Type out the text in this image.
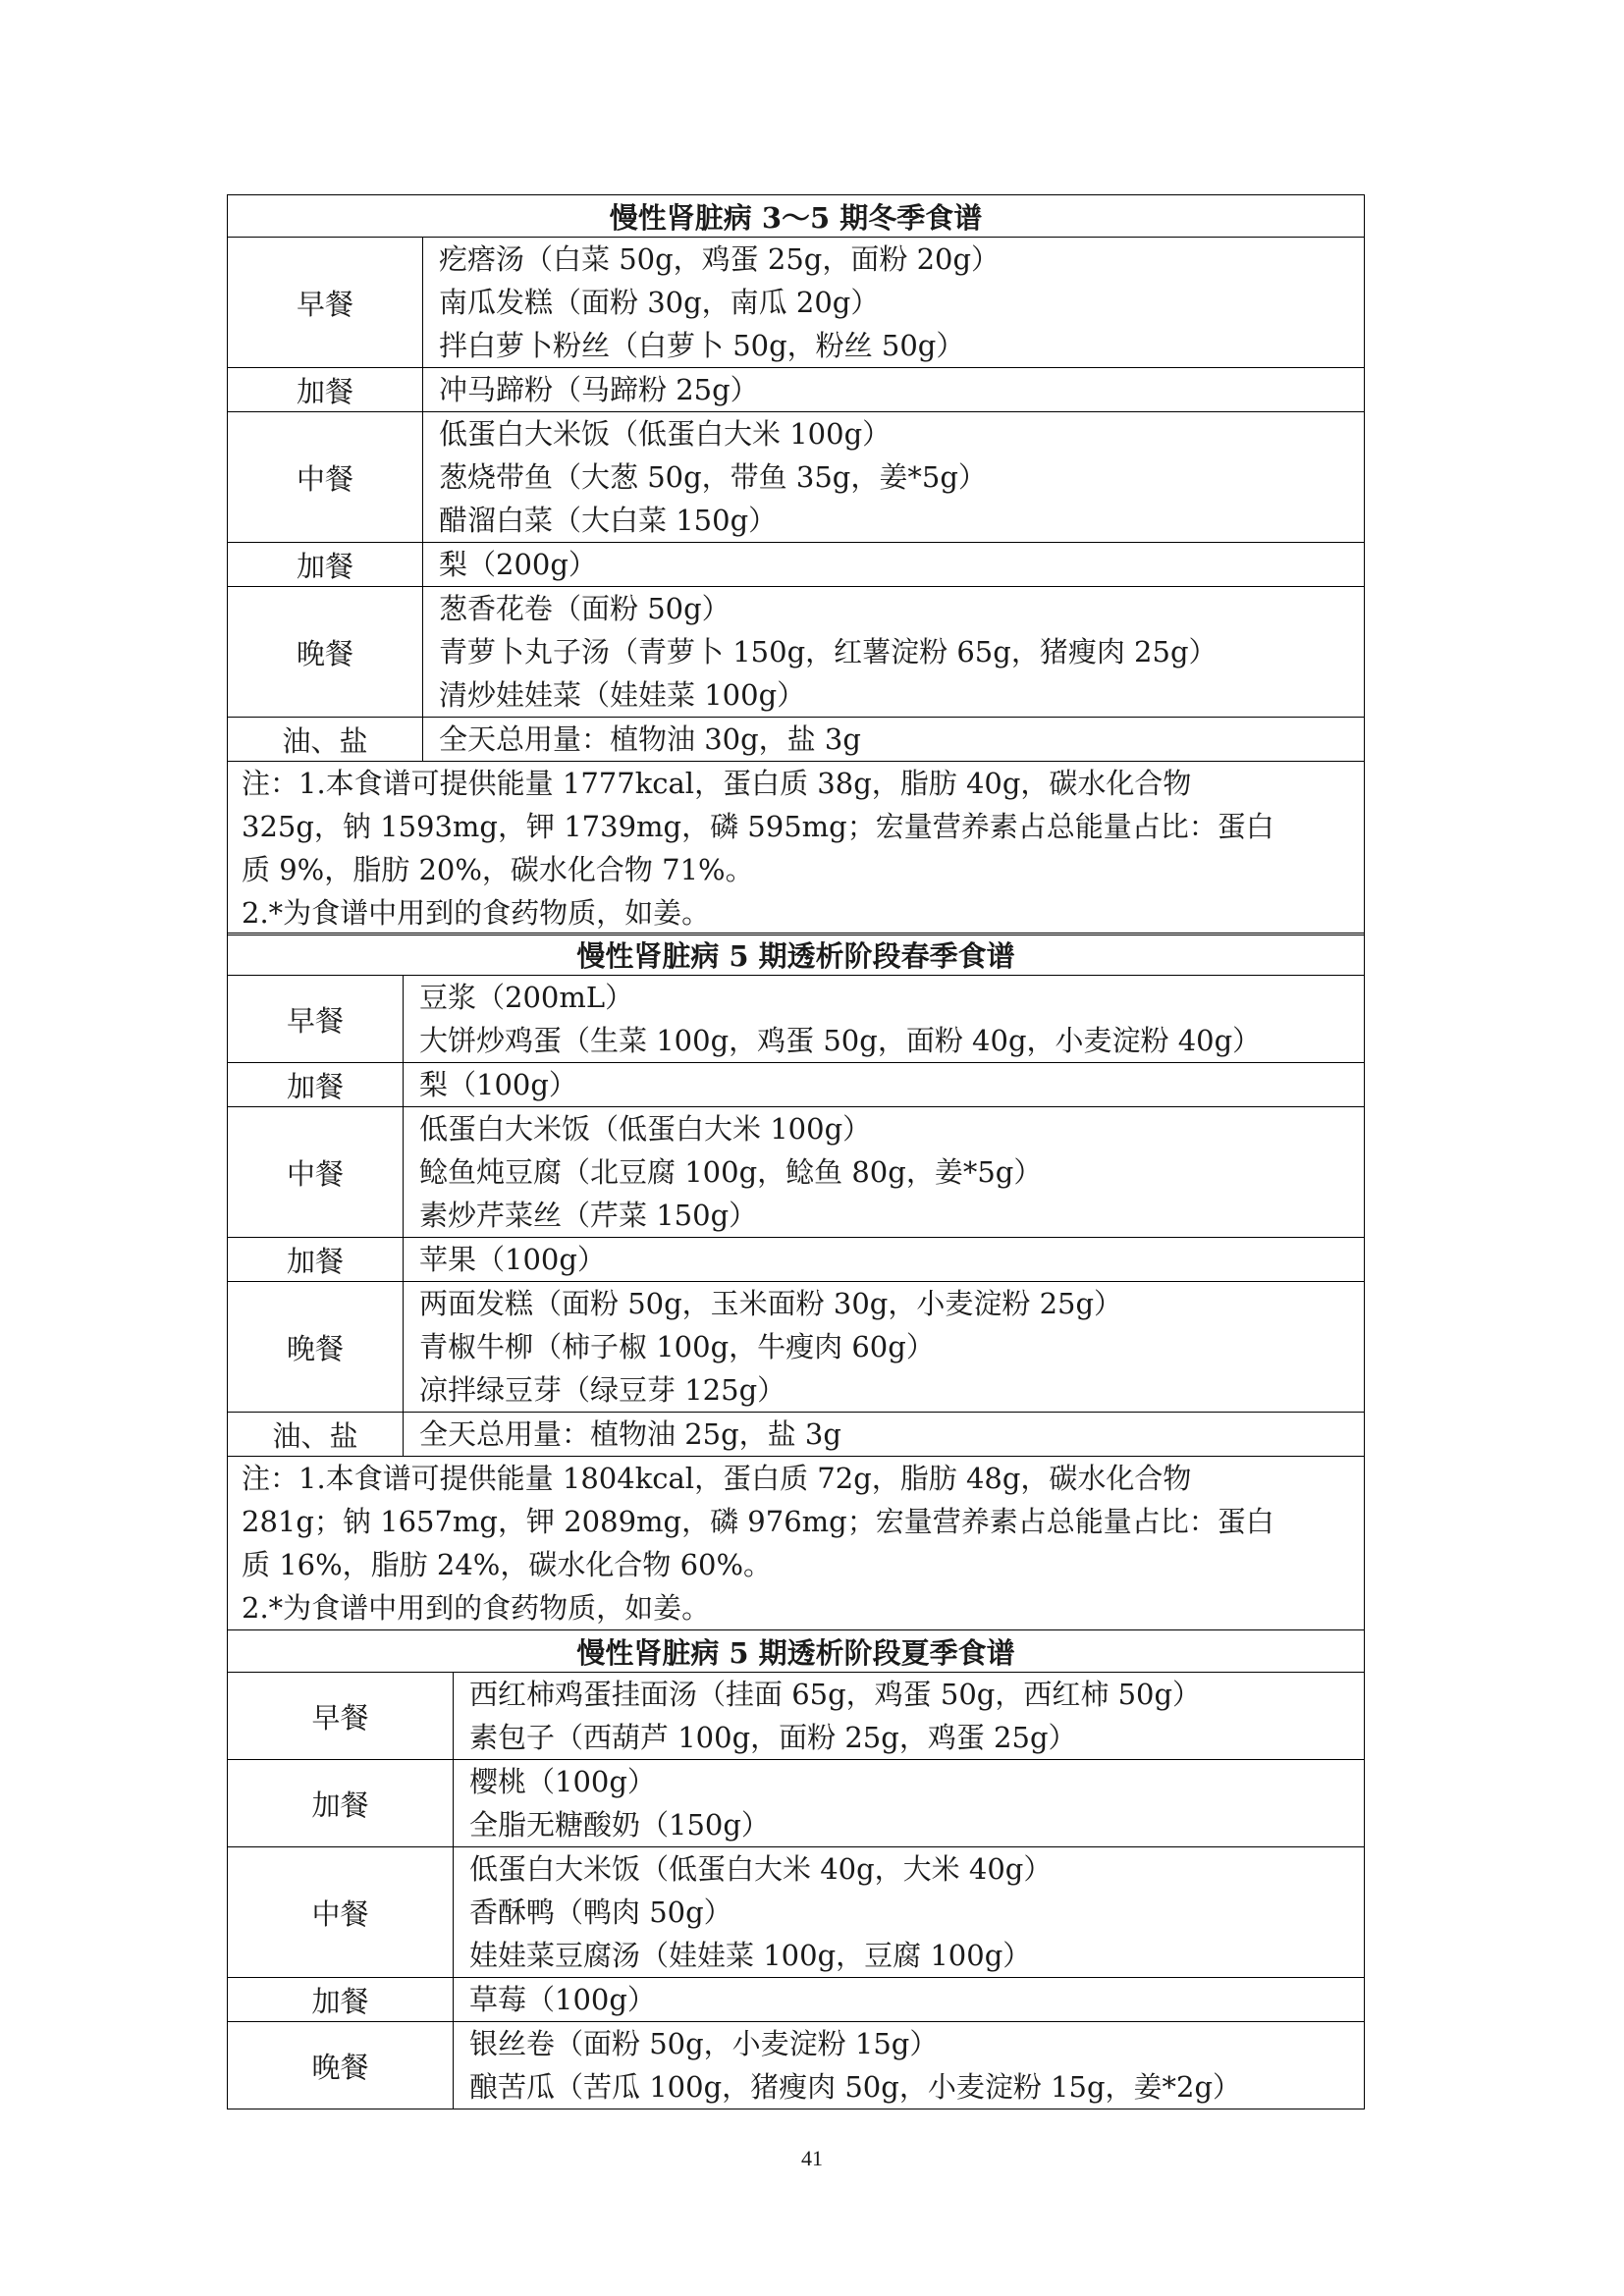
慢性肾脏病 3～5 期冬季食谱	
早餐	疙瘩汤（白菜 50g，鸡蛋 25g，面粉 20g）
南瓜发糕（面粉 30g，南瓜 20g）
拌白萝卜粉丝（白萝卜 50g，粉丝 50g）

加餐	冲马蹄粉（马蹄粉 25g）

中餐	低蛋白大米饭（低蛋白大米 100g）
葱烧带鱼（大葱 50g，带鱼 35g，姜*5g）
醋溜白菜（大白菜 150g）

加餐	梨（200g）

晚餐	葱香花卷（面粉 50g）
青萝卜丸子汤（青萝卜 150g，红薯淀粉 65g，猪瘦肉 25g）
清炒娃娃菜（娃娃菜 100g）

油、盐	全天总用量：植物油 30g，盐 3g

注：1.本食谱可提供能量 1777kcal，蛋白质 38g，脂肪 40g，碳水化合物
325g，钠 1593mg，钾 1739mg，磷 595mg；宏量营养素占总能量占比：蛋白
质 9%，脂肪 20%，碳水化合物 71%。
2.*为食谱中用到的食药物质，如姜。	
慢性肾脏病 5 期透析阶段春季食谱	
早餐	豆浆（200mL）
大饼炒鸡蛋（生菜 100g，鸡蛋 50g，面粉 40g，小麦淀粉 40g）

加餐	梨（100g）

中餐	低蛋白大米饭（低蛋白大米 100g）
鲶鱼炖豆腐（北豆腐 100g，鲶鱼 80g，姜*5g）
素炒芹菜丝（芹菜 150g）

加餐	苹果（100g）

晚餐	两面发糕（面粉 50g，玉米面粉 30g，小麦淀粉 25g）
青椒牛柳（柿子椒 100g，牛瘦肉 60g）
凉拌绿豆芽（绿豆芽 125g）

油、盐	全天总用量：植物油 25g，盐 3g

注：1.本食谱可提供能量 1804kcal，蛋白质 72g，脂肪 48g，碳水化合物
281g；钠 1657mg，钾 2089mg，磷 976mg；宏量营养素占总能量占比：蛋白
质 16%，脂肪 24%，碳水化合物 60%。
2.*为食谱中用到的食药物质，如姜。	
慢性肾脏病 5 期透析阶段夏季食谱	
早餐	西红柿鸡蛋挂面汤（挂面 65g，鸡蛋 50g，西红柿 50g）
素包子（西葫芦 100g，面粉 25g，鸡蛋 25g）

加餐	樱桃（100g）
全脂无糖酸奶（150g）

中餐	低蛋白大米饭（低蛋白大米 40g，大米 40g）
香酥鸭（鸭肉 50g）
娃娃菜豆腐汤（娃娃菜 100g，豆腐 100g）

加餐	草莓（100g）

晚餐	银丝卷（面粉 50g，小麦淀粉 15g）
酿苦瓜（苦瓜 100g，猪瘦肉 50g，小麦淀粉 15g，姜*2g）
41
